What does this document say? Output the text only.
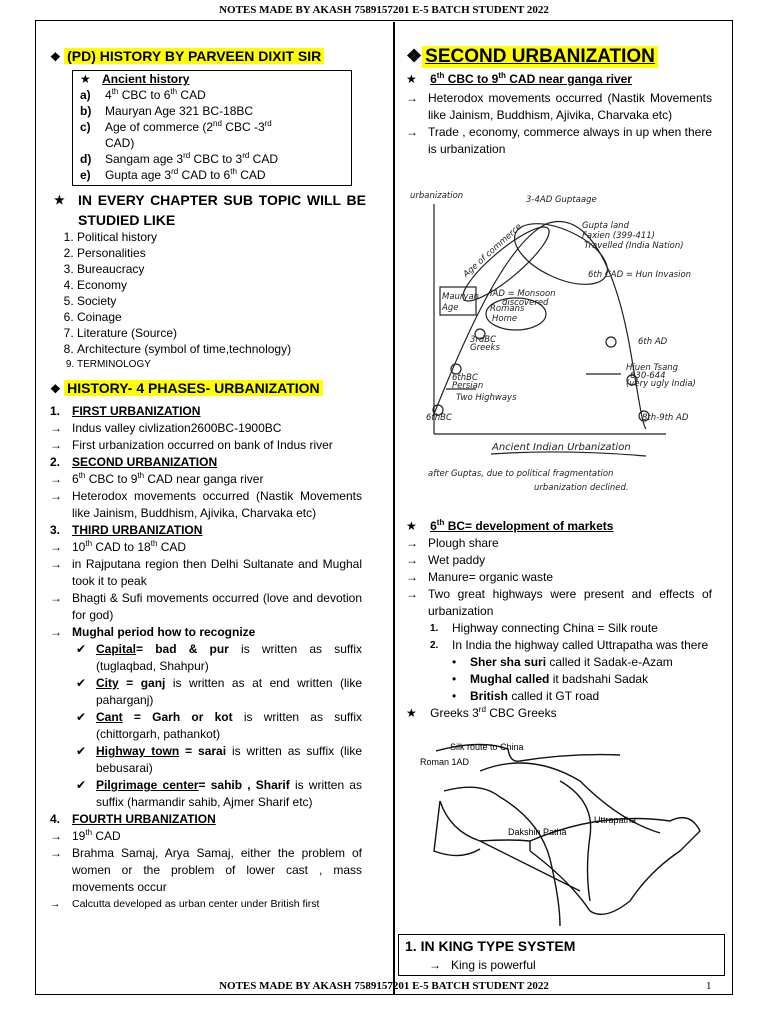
NOTES MADE BY AKASH 7589157201 E-5 BATCH STUDENT 2022
❖ (PD) HISTORY BY PARVEEN DIXIT SIR
★ Ancient history
a) 4th CBC to 6th CAD
b) Mauryan Age 321 BC-18BC
c) Age of commerce (2nd CBC -3rd
CAD)
d) Sangam age 3rd CBC to 3rd CAD
e) Gupta age 3rd CAD to 6th CAD
★ IN EVERY CHAPTER SUB TOPIC WILL BE STUDIED LIKE
1. Political history
2. Personalities
3. Bureaucracy
4. Economy
5. Society
6. Coinage
7. Literature (Source)
8. Architecture (symbol of time,technology)
9. TERMINOLOGY
❖ HISTORY- 4 PHASES- URBANIZATION
1. FIRST URBANIZATION
→ Indus valley civlization2600BC-1900BC
→ First urbanization occurred on bank of Indus river
2. SECOND URBANIZATION
→ 6th CBC to 9th CAD near ganga river
→ Heterodox movements occurred (Nastik Movements like Jainism, Buddhism, Ajivika, Charvaka etc)
3. THIRD URBANIZATION
→ 10th CAD to 18th CAD
→ in Rajputana region then Delhi Sultanate and Mughal took it to peak
→ Bhagti & Sufi movements occurred (love and devotion for god)
→ Mughal period how to recognize
✔ Capital= bad & pur is written as suffix (tuglaqbad, Shahpur)
✔ City = ganj is written as at end written (like paharganj)
✔ Cant = Garh or kot is written as suffix (chittorgarh, pathankot)
✔ Highway town = sarai is written as suffix (like bebusarai)
✔ Pilgrimage center= sahib , Sharif is written as suffix (harmandir sahib, Ajmer Sharif etc)
4. FOURTH URBANIZATION
→ 19th CAD
→ Brahma Samaj, Arya Samaj, either the problem of women or the problem of lower cast , mass movements occur
→ Calcutta developed as urban center under British first
❖ SECOND URBANIZATION
★ 6th CBC to 9th CAD near ganga river
→ Heterodox movements occurred (Nastik Movements like Jainism, Buddhism, Ajivika, Charvaka etc)
→ Trade , economy, commerce always in up when there is urbanization
urbanization	3-4AD Guptaage
Age of commerce	Gupta land
Faxien (399-411)
Travelled (India Nation)
6th CAD = Hun Invasion
Mauryan
Age
IAD = Monsoon
discovered
Romans
Home
3rdBC
Greeks
6thBC
Persian
Two Highways
6thBC
6th AD
Hiuen Tsang
630-644
(very ugly India)
8th-9th AD
Ancient Indian Urbanization
after Guptas, due to political fragmentation
urbanization declined.
★ 6th BC= development of markets
→ Plough share
→ Wet paddy
→ Manure= organic waste
→ Two great highways were present and effects of urbanization
1. Highway connecting China = Silk route
2. In India the highway called Uttrapatha was there
• Sher sha suri called it Sadak-e-Azam
• Mughal called it badshahi Sadak
• British called it GT road
★ Greeks 3rd CBC Greeks
Silk route to China
Roman 1AD
Uttrapatha
Dakshin Patha
1. IN KING TYPE SYSTEM
→   King is powerful
NOTES MADE BY AKASH 7589157201 E-5 BATCH STUDENT 2022	1
